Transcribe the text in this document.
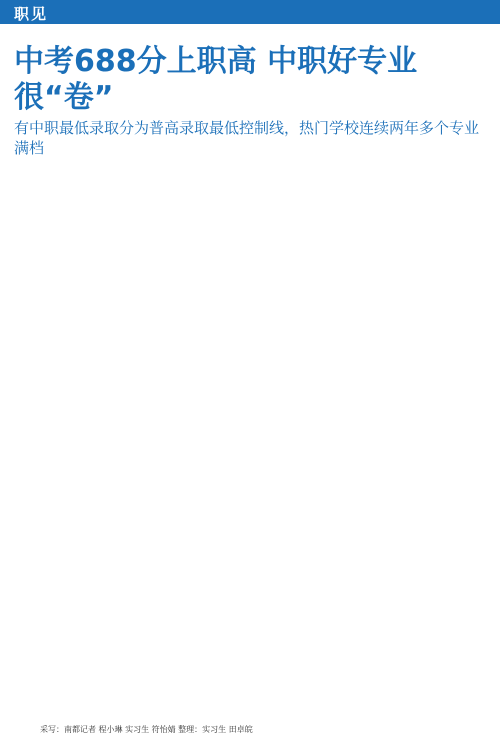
职见
中考688分上职高 中职好专业很“卷”
有中职最低录取分为普高录取最低控制线，热门学校连续两年多个专业满档
采写：南都记者 程小琳 实习生 符怡婧 整理：实习生 田卓皖
